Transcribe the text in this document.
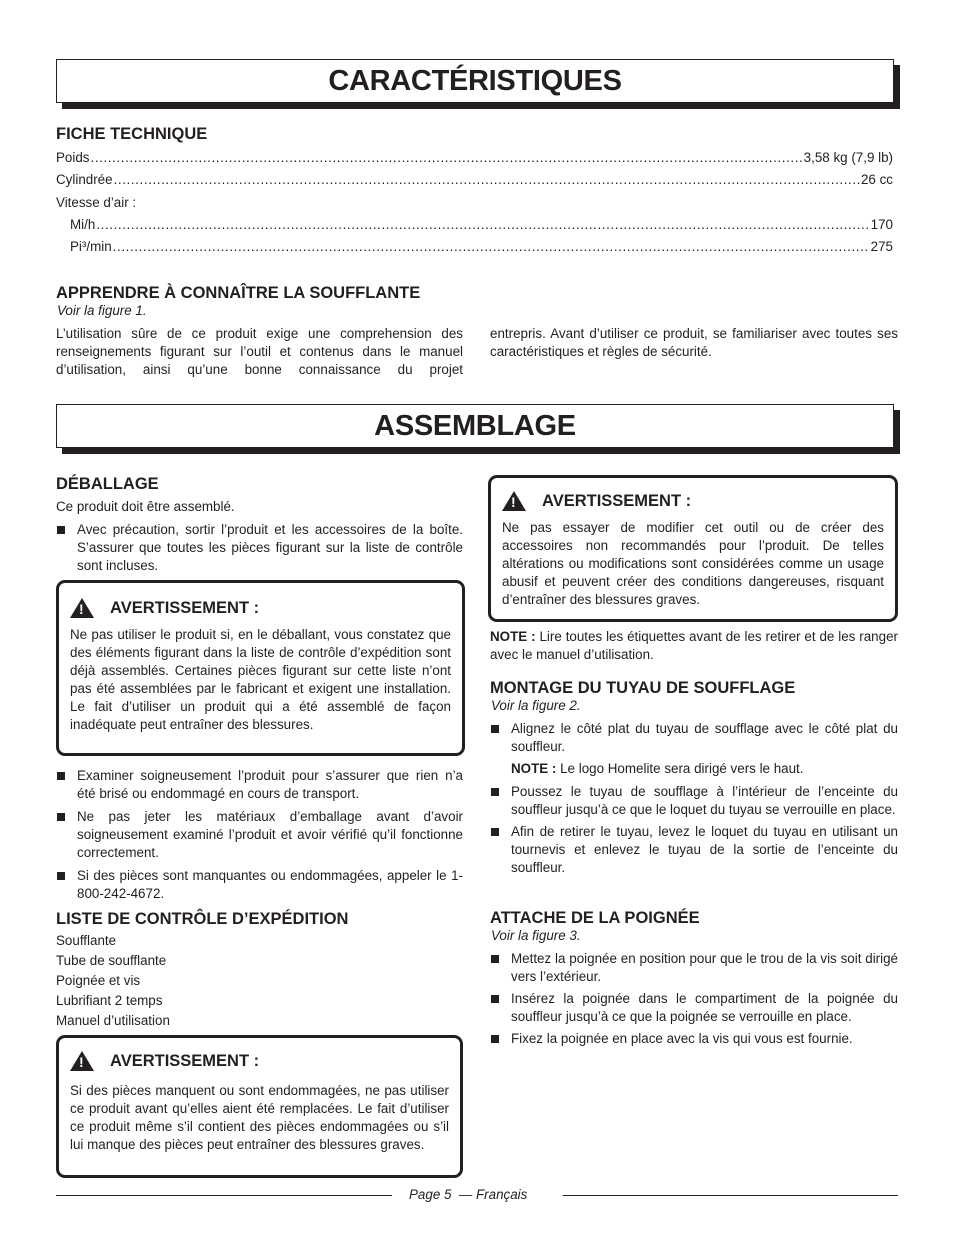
CARACTÉRISTIQUES
FICHE TECHNIQUE
Poids .....	3,58 kg (7,9 lb)
Cylindrée .....	26 cc
Vitesse d’air :
Mi/h .....	170
Pi³/min .....	275
APPRENDRE À CONNAÎTRE LA SOUFFLANTE
Voir la figure 1.
L’utilisation sûre de ce produit exige une comprehension des renseignements figurant sur l’outil et contenus dans le manuel d’utilisation, ainsi qu’une bonne connaissance du projet
entrepris. Avant d’utiliser ce produit, se familiariser avec toutes ses caractéristiques et règles de sécurité.
ASSEMBLAGE
DÉBALLAGE
Ce produit doit être assemblé.
Avec précaution, sortir l’produit et les accessoires de la boîte. S’assurer que toutes les pièces figurant sur la liste de contrôle sont incluses.
!
AVERTISSEMENT :
Ne pas utiliser le produit si, en le déballant, vous constatez que des éléments figurant dans la liste de contrôle d’expédition sont déjà assemblés. Certaines pièces figurant sur cette liste n’ont pas été assemblées par le fabricant et exigent une installation. Le fait d’utiliser un produit qui a été assemblé de façon inadéquate peut entraîner des blessures.
Examiner soigneusement l’produit pour s’assurer que rien n’a été brisé ou endommagé en cours de transport.
Ne pas jeter les matériaux d’emballage avant d’avoir soigneusement examiné l’produit et avoir vérifié qu’il fonctionne correctement.
Si des pièces sont manquantes ou endommagées, appeler le 1-800-242-4672.
LISTE DE CONTRÔLE D’EXPÉDITION
Soufflante
Tube de soufflante
Poignée et vis
Lubrifiant 2 temps
Manuel d’utilisation
!
AVERTISSEMENT :
Si des pièces manquent ou sont endommagées, ne pas utiliser ce produit avant qu’elles aient été remplacées. Le fait d’utiliser ce produit même s’il contient des pièces endommagées ou s’il lui manque des pièces peut entraîner des blessures graves.
!
AVERTISSEMENT :
Ne pas essayer de modifier cet outil ou de créer des accessoires non recommandés pour l’produit. De telles altérations ou modifications sont considérées comme un usage abusif et peuvent créer des conditions dangereuses, risquant d’entraîner des blessures graves.
NOTE : Lire toutes les étiquettes avant de les retirer et de les ranger avec le manuel d’utilisation.
MONTAGE DU TUYAU DE SOUFFLAGE
Voir la figure 2.
Alignez le côté plat du tuyau de soufflage avec le côté plat du souffleur.
NOTE : Le logo Homelite sera dirigé vers le haut.
Poussez le tuyau de soufflage à l’intérieur de l’enceinte du souffleur jusqu’à ce que le loquet du tuyau se verrouille en place.
Afin de retirer le tuyau, levez le loquet du tuyau en utilisant un tournevis et enlevez le tuyau de la sortie de l’enceinte du souffleur.
ATTACHE DE LA POIGNÉE
Voir la figure 3.
Mettez la poignée en position pour que le trou de la vis soit dirigé vers l’extérieur.
Insérez la poignée dans le compartiment de la poignée du souffleur jusqu’à ce que la poignée se verrouille en place.
Fixez la poignée en place avec la vis qui vous est fournie.
Page 5  — Français
